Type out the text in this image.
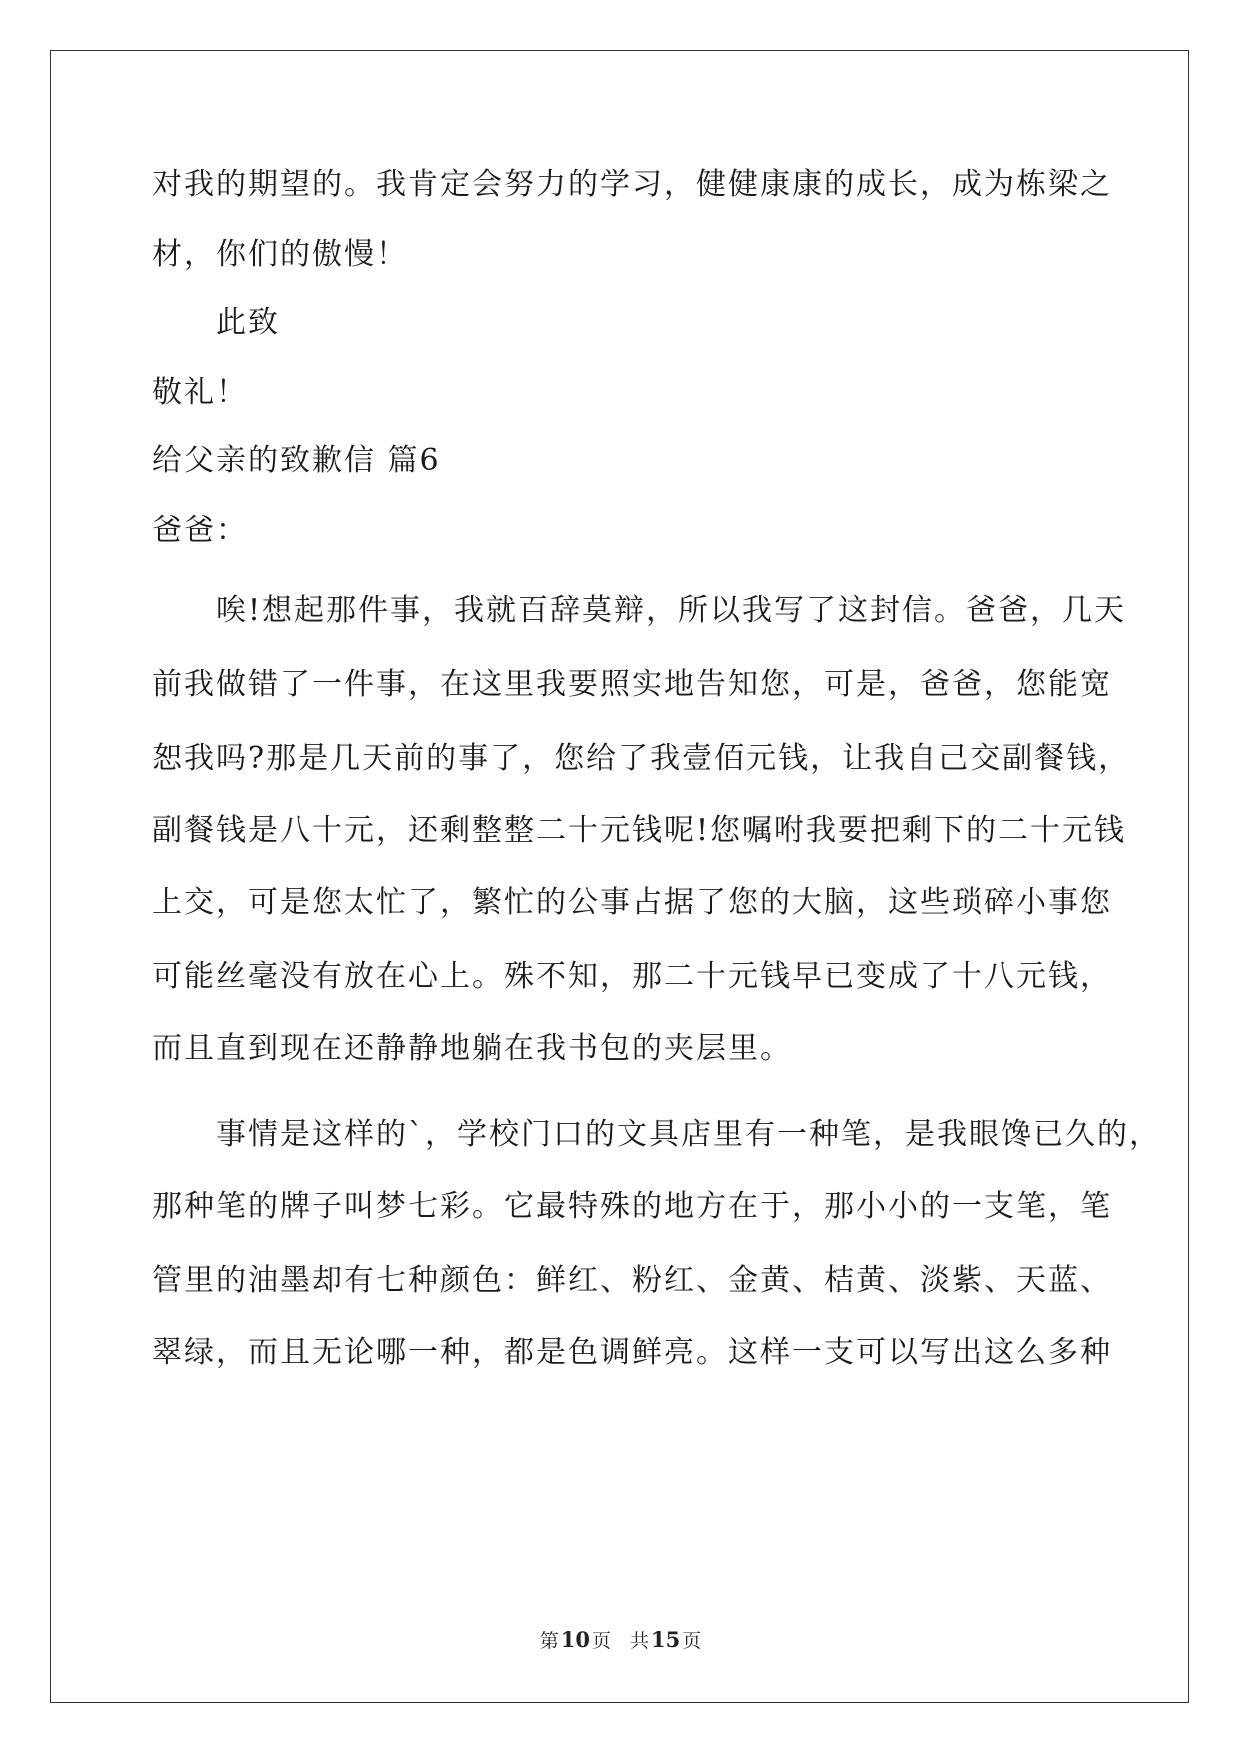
对我的期望的。我肯定会努力的学习，健健康康的成长，成为栋梁之
材，你们的傲慢！
此致
敬礼！
给父亲的致歉信 篇6
爸爸：
唉!想起那件事，我就百辞莫辩，所以我写了这封信。爸爸，几天
前我做错了一件事，在这里我要照实地告知您，可是，爸爸，您能宽
恕我吗?那是几天前的事了，您给了我壹佰元钱，让我自己交副餐钱，
副餐钱是八十元，还剩整整二十元钱呢!您嘱咐我要把剩下的二十元钱
上交，可是您太忙了，繁忙的公事占据了您的大脑，这些琐碎小事您
可能丝毫没有放在心上。殊不知，那二十元钱早已变成了十八元钱，
而且直到现在还静静地躺在我书包的夹层里。
事情是这样的`，学校门口的文具店里有一种笔，是我眼馋已久的，
那种笔的牌子叫梦七彩。它最特殊的地方在于，那小小的一支笔，笔
管里的油墨却有七种颜色：鲜红、粉红、金黄、桔黄、淡紫、天蓝、
翠绿，而且无论哪一种，都是色调鲜亮。这样一支可以写出这么多种
第10 页　共15 页
